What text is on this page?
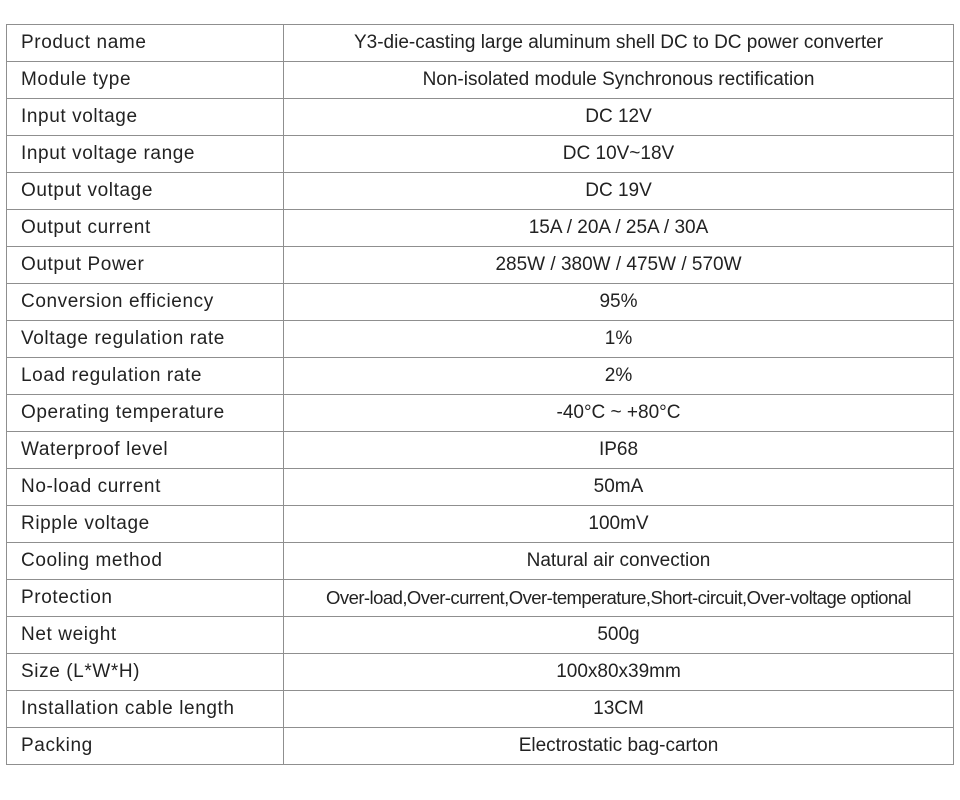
Product name	Y3-die-casting large aluminum shell DC to DC power converter
Module type	Non-isolated module Synchronous rectification
Input voltage	DC 12V
Input voltage range	DC 10V~18V
Output voltage	DC 19V
Output current	15A / 20A / 25A / 30A
Output Power	285W / 380W / 475W / 570W
Conversion efficiency	95%
Voltage regulation rate	1%
Load regulation rate	2%
Operating temperature	-40°C ~ +80°C
Waterproof level	IP68
No-load current	50mA
Ripple voltage	100mV
Cooling method	Natural air convection
Protection	Over-load,Over-current,Over-temperature,Short-circuit,Over-voltage optional
Net weight	500g
Size (L*W*H)	100x80x39mm
Installation cable length	13CM
Packing	Electrostatic bag-carton
